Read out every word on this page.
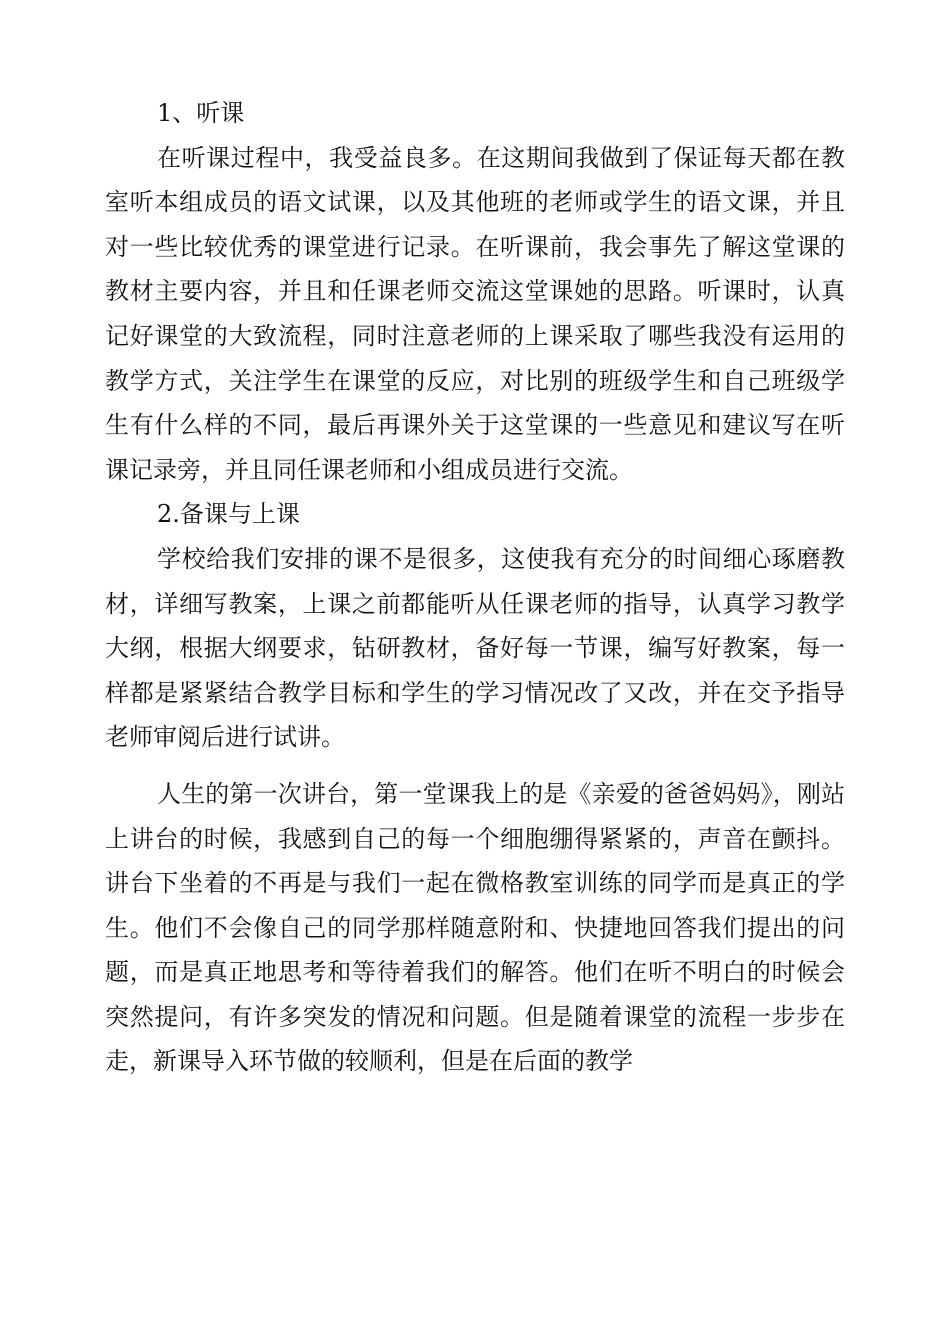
1、听课

在听课过程中，我受益良多。在这期间我做到了保证每天都在教室听本组成员的语文试课，以及其他班的老师或学生的语文课，并且对一些比较优秀的课堂进行记录。在听课前，我会事先了解这堂课的教材主要内容，并且和任课老师交流这堂课她的思路。听课时，认真记好课堂的大致流程，同时注意老师的上课采取了哪些我没有运用的教学方式，关注学生在课堂的反应，对比别的班级学生和自己班级学生有什么样的不同，最后再课外关于这堂课的一些意见和建议写在听课记录旁，并且同任课老师和小组成员进行交流。

2.备课与上课

学校给我们安排的课不是很多，这使我有充分的时间细心琢磨教材，详细写教案，上课之前都能听从任课老师的指导，认真学习教学大纲，根据大纲要求，钻研教材，备好每一节课，编写好教案，每一样都是紧紧结合教学目标和学生的学习情况改了又改，并在交予指导老师审阅后进行试讲。

人生的第一次讲台，第一堂课我上的是《亲爱的爸爸妈妈》，刚站上讲台的时候，我感到自己的每一个细胞绷得紧紧的，声音在颤抖。讲台下坐着的不再是与我们一起在微格教室训练的同学而是真正的学生。他们不会像自己的同学那样随意附和、快捷地回答我们提出的问题，而是真正地思考和等待着我们的解答。他们在听不明白的时候会突然提问，有许多突发的情况和问题。但是随着课堂的流程一步步在走，新课导入环节做的较顺利，但是在后面的教学
